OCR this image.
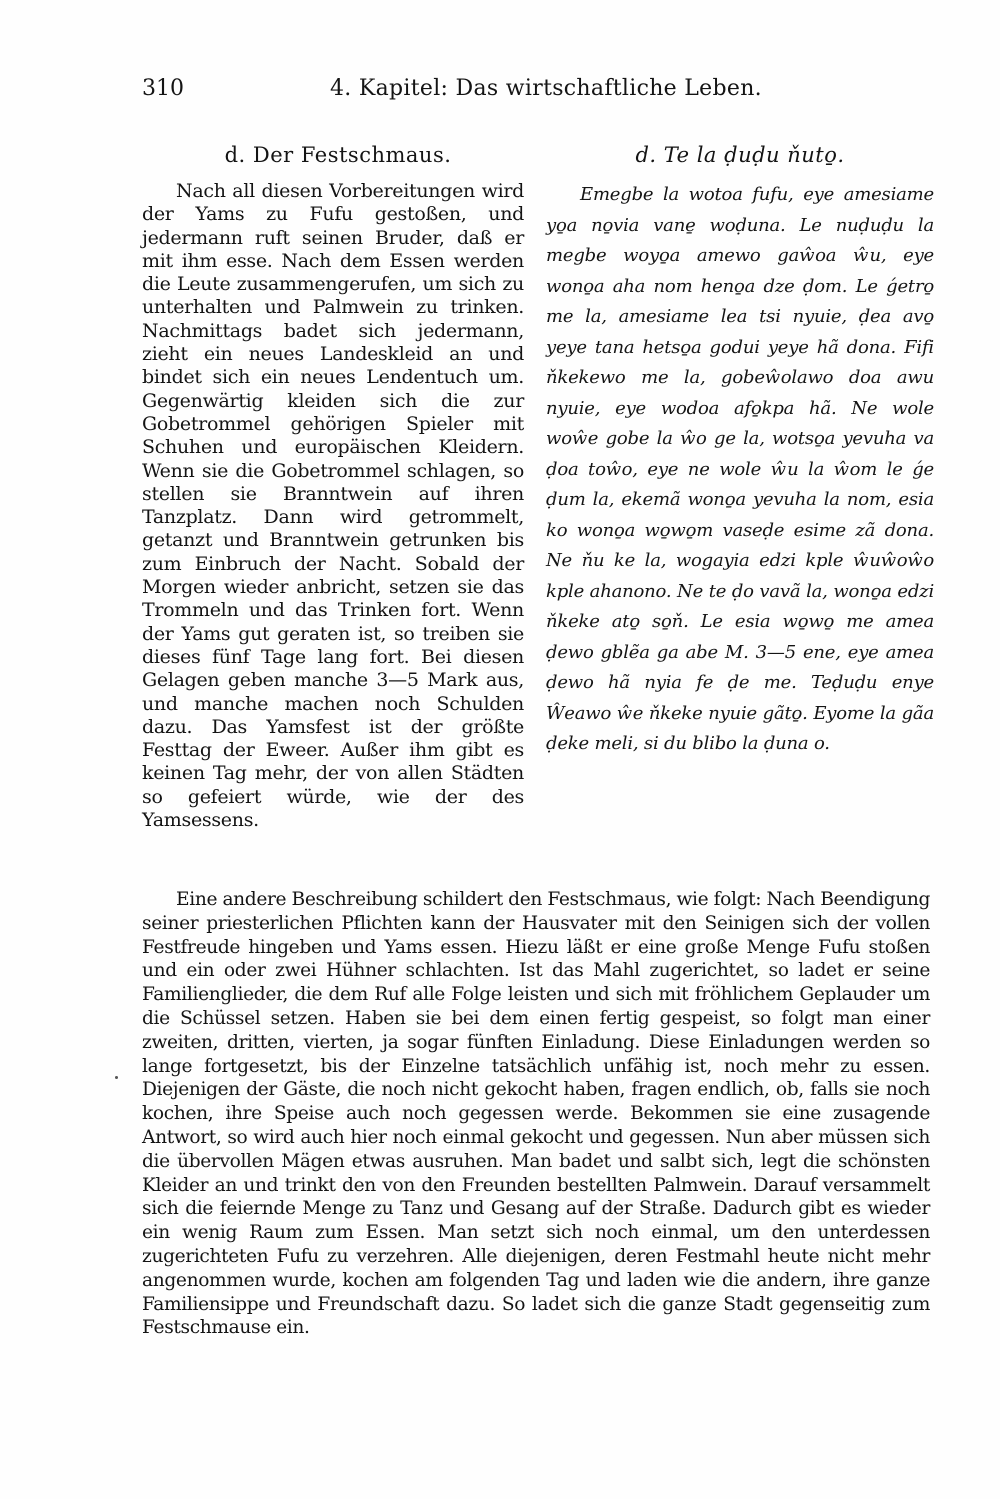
310	4. Kapitel: Das wirtschaftliche Leben.
d. Der Festschmaus.

Nach all diesen Vorbereitungen wird der Yams zu Fufu gestoßen, und jedermann ruft seinen Bruder, daß er mit ihm esse. Nach dem Essen werden die Leute zusammengerufen, um sich zu unterhalten und Palmwein zu trinken. Nachmittags badet sich jedermann, zieht ein neues Landeskleid an und bindet sich ein neues Lendentuch um. Gegenwärtig kleiden sich die zur Gobetrommel gehörigen Spieler mit Schuhen und europäischen Kleidern. Wenn sie die Gobetrommel schlagen, so stellen sie Branntwein auf ihren Tanzplatz. Dann wird getrommelt, getanzt und Branntwein getrunken bis zum Einbruch der Nacht. Sobald der Morgen wieder anbricht, setzen sie das Trommeln und das Trinken fort. Wenn der Yams gut geraten ist, so treiben sie dieses fünf Tage lang fort. Bei diesen Gelagen geben manche 3—5 Mark aus, und manche machen noch Schulden dazu. Das Yamsfest ist der größte Festtag der Eweer. Außer ihm gibt es keinen Tag mehr, der von allen Städten so gefeiert würde, wie der des Yamsessens.

d. Te la ḍuḍu ňuto̱.

Emegbe la wotoa fufu, eye amesiame yo̱a no̱via vane̱ woḍuna. Le nuḍuḍu la megbe woyo̱a amewo gaŵoa ŵu, eye wono̱a aha nom heno̱a dze ḍom. Le ǵetro̱ me la, amesiame lea tsi nyuie, ḍea avo̱ yeye tana hetso̱a godui yeye hã dona. Fifi ňkekewo me la, gobeŵolawo doa awu nyuie, eye wodoa afo̱kpa hã. Ne wole woŵe gobe la ŵo ge la, wotso̱a yevuha va ḍoa toŵo, eye ne wole ŵu la ŵom le ǵe ḍum la, ekemã wono̱a yevuha la nom, esia ko wono̱a wo̱wo̱m vaseḍe esime zã dona. Ne ňu ke la, wogayia edzi kple ŵuŵoŵo kple ahanono. Ne te ḍo vavã la, wono̱a edzi ňkeke ato̱ so̱ň. Le esia wo̱wo̱ me amea ḍewo gblẽa ga abe M. 3—5 ene, eye amea ḍewo hã nyia fe ḍe me. Teḍuḍu enye Ŵeawo ŵe ňkeke nyuie gãto̱. Eyome la gãa ḍeke meli, si du blibo la ḍuna o.

Eine andere Beschreibung schildert den Festschmaus, wie folgt: Nach Beendigung seiner priesterlichen Pflichten kann der Hausvater mit den Seinigen sich der vollen Festfreude hingeben und Yams essen. Hiezu läßt er eine große Menge Fufu stoßen und ein oder zwei Hühner schlachten. Ist das Mahl zugerichtet, so ladet er seine Familienglieder, die dem Ruf alle Folge leisten und sich mit fröhlichem Geplauder um die Schüssel setzen. Haben sie bei dem einen fertig gespeist, so folgt man einer zweiten, dritten, vierten, ja sogar fünften Einladung. Diese Einladungen werden so lange fortgesetzt, bis der Einzelne tatsächlich unfähig ist, noch mehr zu essen. Diejenigen der Gäste, die noch nicht gekocht haben, fragen endlich, ob, falls sie noch kochen, ihre Speise auch noch gegessen werde. Bekommen sie eine zusagende Antwort, so wird auch hier noch einmal gekocht und gegessen. Nun aber müssen sich die übervollen Mägen etwas ausruhen. Man badet und salbt sich, legt die schönsten Kleider an und trinkt den von den Freunden bestellten Palmwein. Darauf versammelt sich die feiernde Menge zu Tanz und Gesang auf der Straße. Dadurch gibt es wieder ein wenig Raum zum Essen. Man setzt sich noch einmal, um den unterdessen zugerichteten Fufu zu verzehren. Alle diejenigen, deren Festmahl heute nicht mehr angenommen wurde, kochen am folgenden Tag und laden wie die andern, ihre ganze Familiensippe und Freundschaft dazu. So ladet sich die ganze Stadt gegenseitig zum Festschmause ein.
